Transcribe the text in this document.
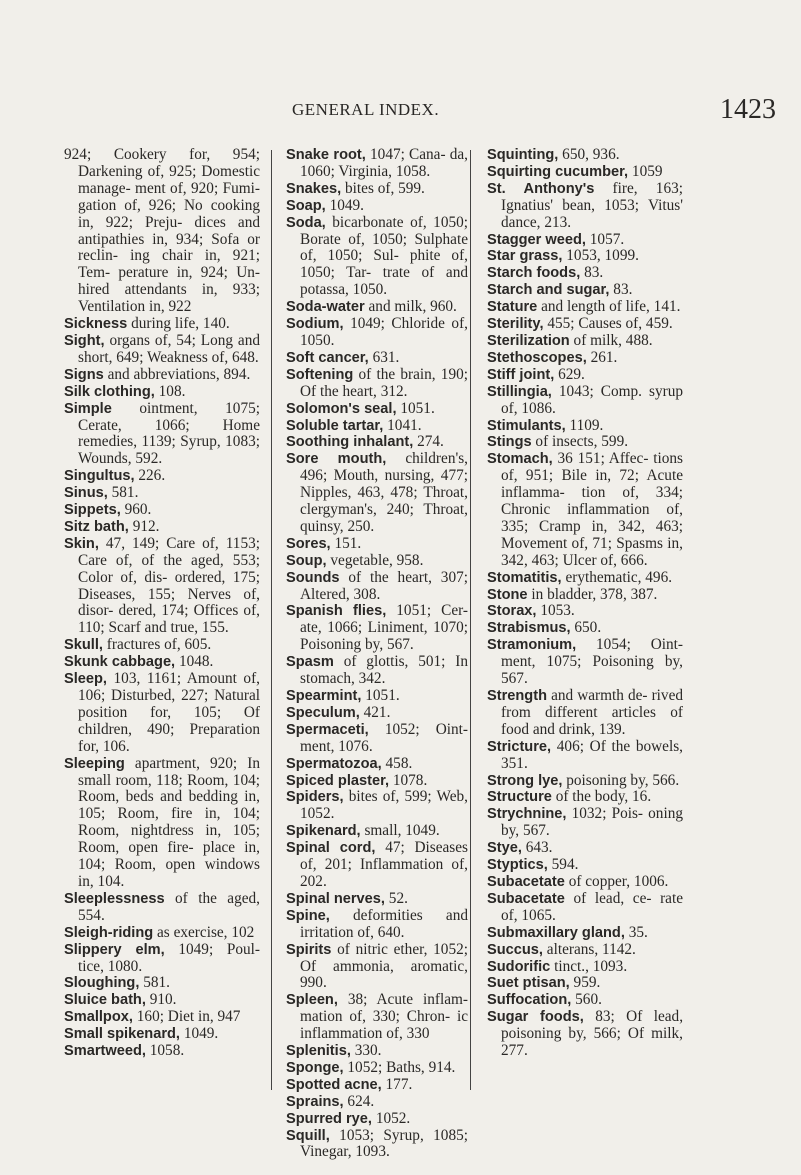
GENERAL INDEX.	1423

924; Cookery for, 954; Darkening of, 925; Domestic manage- ment of, 920; Fumi- gation of, 926; No cooking in, 922; Preju- dices and antipathies in, 934; Sofa or reclin- ing chair in, 921; Tem- perature in, 924; Un- hired attendants in, 933; Ventilation in, 922

Sickness during life, 140.

Sight, organs of, 54; Long and short, 649; Weakness of, 648.

Signs and abbreviations, 894.

Silk clothing, 108.

Simple ointment, 1075; Cerate, 1066; Home remedies, 1139; Syrup, 1083; Wounds, 592.

Singultus, 226.

Sinus, 581.

Sippets, 960.

Sitz bath, 912.

Skin, 47, 149; Care of, 1153; Care of, of the aged, 553; Color of, dis- ordered, 175; Diseases, 155; Nerves of, disor- dered, 174; Offices of, 110; Scarf and true, 155.

Skull, fractures of, 605.

Skunk cabbage, 1048.

Sleep, 103, 1161; Amount of, 106; Disturbed, 227; Natural position for, 105; Of children, 490; Preparation for, 106.

Sleeping apartment, 920; In small room, 118; Room, 104; Room, beds and bedding in, 105; Room, fire in, 104; Room, nightdress in, 105; Room, open fire- place in, 104; Room, open windows in, 104.

Sleeplessness of the aged, 554.

Sleigh-riding as exercise, 102

Slippery elm, 1049; Poul- tice, 1080.

Sloughing, 581.

Sluice bath, 910.

Smallpox, 160; Diet in, 947

Small spikenard, 1049.

Smartweed, 1058.

Snake root, 1047; Cana- da, 1060; Virginia, 1058.

Snakes, bites of, 599.

Soap, 1049.

Soda, bicarbonate of, 1050; Borate of, 1050; Sulphate of, 1050; Sul- phite of, 1050; Tar- trate of and potassa, 1050.

Soda-water and milk, 960.

Sodium, 1049; Chloride of, 1050.

Soft cancer, 631.

Softening of the brain, 190; Of the heart, 312.

Solomon's seal, 1051.

Soluble tartar, 1041.

Soothing inhalant, 274.

Sore mouth, children's, 496; Mouth, nursing, 477; Nipples, 463, 478; Throat, clergyman's, 240; Throat, quinsy, 250.

Sores, 151.

Soup, vegetable, 958.

Sounds of the heart, 307; Altered, 308.

Spanish flies, 1051; Cer- ate, 1066; Liniment, 1070; Poisoning by, 567.

Spasm of glottis, 501; In stomach, 342.

Spearmint, 1051.

Speculum, 421.

Spermaceti, 1052; Oint- ment, 1076.

Spermatozoa, 458.

Spiced plaster, 1078.

Spiders, bites of, 599; Web, 1052.

Spikenard, small, 1049.

Spinal cord, 47; Diseases of, 201; Inflammation of, 202.

Spinal nerves, 52.

Spine, deformities and irritation of, 640.

Spirits of nitric ether, 1052; Of ammonia, aromatic, 990.

Spleen, 38; Acute inflam- mation of, 330; Chron- ic inflammation of, 330

Splenitis, 330.

Sponge, 1052; Baths, 914.

Spotted acne, 177.

Sprains, 624.

Spurred rye, 1052.

Squill, 1053; Syrup, 1085; Vinegar, 1093.

Squinting, 650, 936.

Squirting cucumber, 1059

St. Anthony's fire, 163; Ignatius' bean, 1053; Vitus' dance, 213.

Stagger weed, 1057.

Star grass, 1053, 1099.

Starch foods, 83.

Starch and sugar, 83.

Stature and length of life, 141.

Sterility, 455; Causes of, 459.

Sterilization of milk, 488.

Stethoscopes, 261.

Stiff joint, 629.

Stillingia, 1043; Comp. syrup of, 1086.

Stimulants, 1109.

Stings of insects, 599.

Stomach, 36 151; Affec- tions of, 951; Bile in, 72; Acute inflamma- tion of, 334; Chronic inflammation of, 335; Cramp in, 342, 463; Movement of, 71; Spasms in, 342, 463; Ulcer of, 666.

Stomatitis, erythematic, 496.

Stone in bladder, 378, 387.

Storax, 1053.

Strabismus, 650.

Stramonium, 1054; Oint- ment, 1075; Poisoning by, 567.

Strength and warmth de- rived from different articles of food and drink, 139.

Stricture, 406; Of the bowels, 351.

Strong lye, poisoning by, 566.

Structure of the body, 16.

Strychnine, 1032; Pois- oning by, 567.

Stye, 643.

Styptics, 594.

Subacetate of copper, 1006.

Subacetate of lead, ce- rate of, 1065.

Submaxillary gland, 35.

Succus, alterans, 1142.

Sudorific tinct., 1093.

Suet ptisan, 959.

Suffocation, 560.

Sugar foods, 83; Of lead, poisoning by, 566; Of milk, 277.
